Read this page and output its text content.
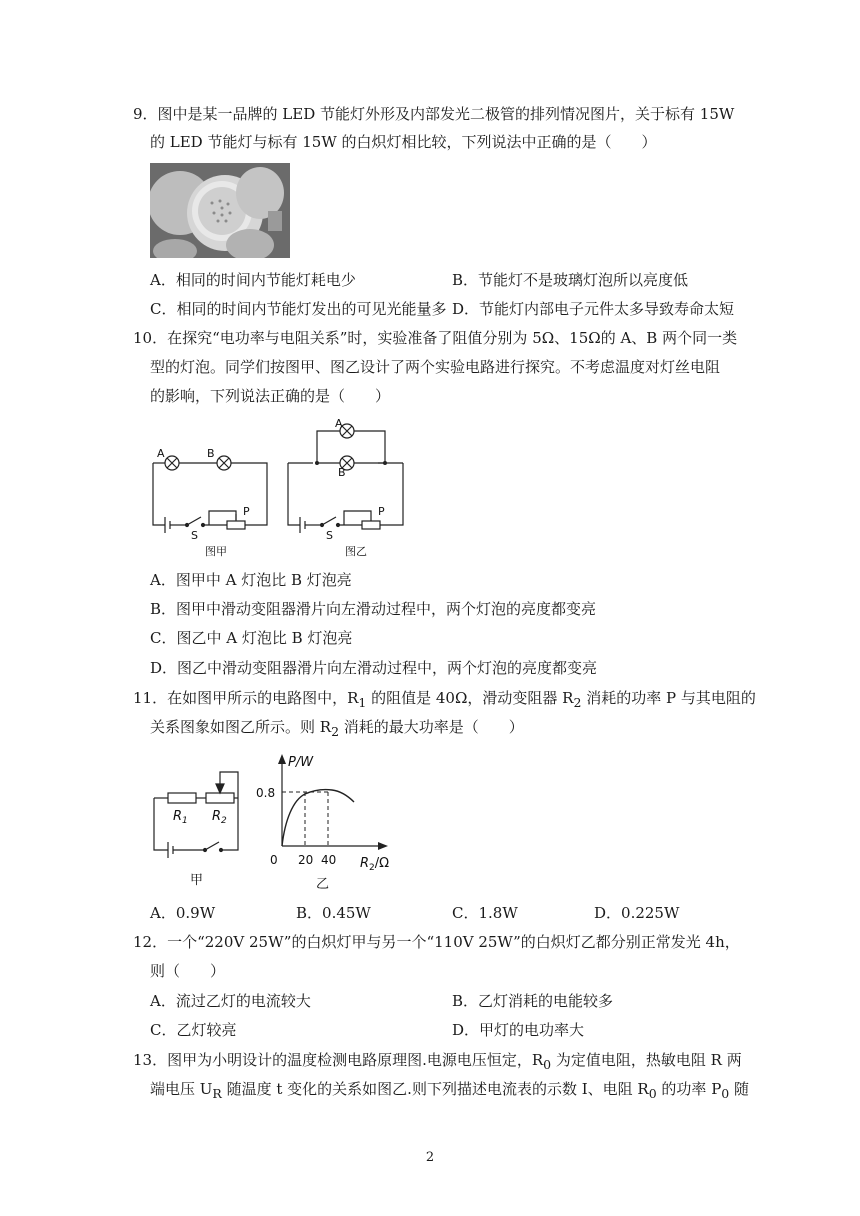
9．图中是某一品牌的 LED 节能灯外形及内部发光二极管的排列情况图片，关于标有 15W
的 LED 节能灯与标有 15W 的白炽灯相比较，下列说法中正确的是（　　）
A．相同的时间内节能灯耗电少	B．节能灯不是玻璃灯泡所以亮度低
C．相同的时间内节能灯发出的可见光能量多 D．节能灯内部电子元件太多导致寿命太短
10．在探究“电功率与电阻关系”时，实验准备了阻值分别为 5Ω、15Ω的 A、B 两个同一类
型的灯泡。同学们按图甲、图乙设计了两个实验电路进行探究。不考虑温度对灯丝电阻
的影响，下列说法正确的是（　　）
A	B
S
P
图甲
A
B
S
P
图乙
A．图甲中 A 灯泡比 B 灯泡亮
B．图甲中滑动变阻器滑片向左滑动过程中，两个灯泡的亮度都变亮
C．图乙中 A 灯泡比 B 灯泡亮
D．图乙中滑动变阻器滑片向左滑动过程中，两个灯泡的亮度都变亮
11．在如图甲所示的电路图中，$R_1$ 的阻值是 40Ω，滑动变阻器 $R_2$ 消耗的功率 P 与其电阻的
关系图象如图乙所示。则 $R_2$ 消耗的最大功率是（　　）
$R_1$ $R_2$
甲
P/W
0.8
0 20 40 $R_2/\Omega$
乙
A．0.9W	B．0.45W	C．1.8W	D．0.225W
12．一个“220V 25W”的白炽灯甲与另一个“110V 25W”的白炽灯乙都分别正常发光 4h，
则（　　）
A．流过乙灯的电流较大	B．乙灯消耗的电能较多
C．乙灯较亮	D．甲灯的电功率大
13．图甲为小明设计的温度检测电路原理图.电源电压恒定，$R_0$ 为定值电阻，热敏电阻 R 两
端电压 $U_R$ 随温度 t 变化的关系如图乙.则下列描述电流表的示数 I、电阻 $R_0$ 的功率 $P_0$ 随
2
